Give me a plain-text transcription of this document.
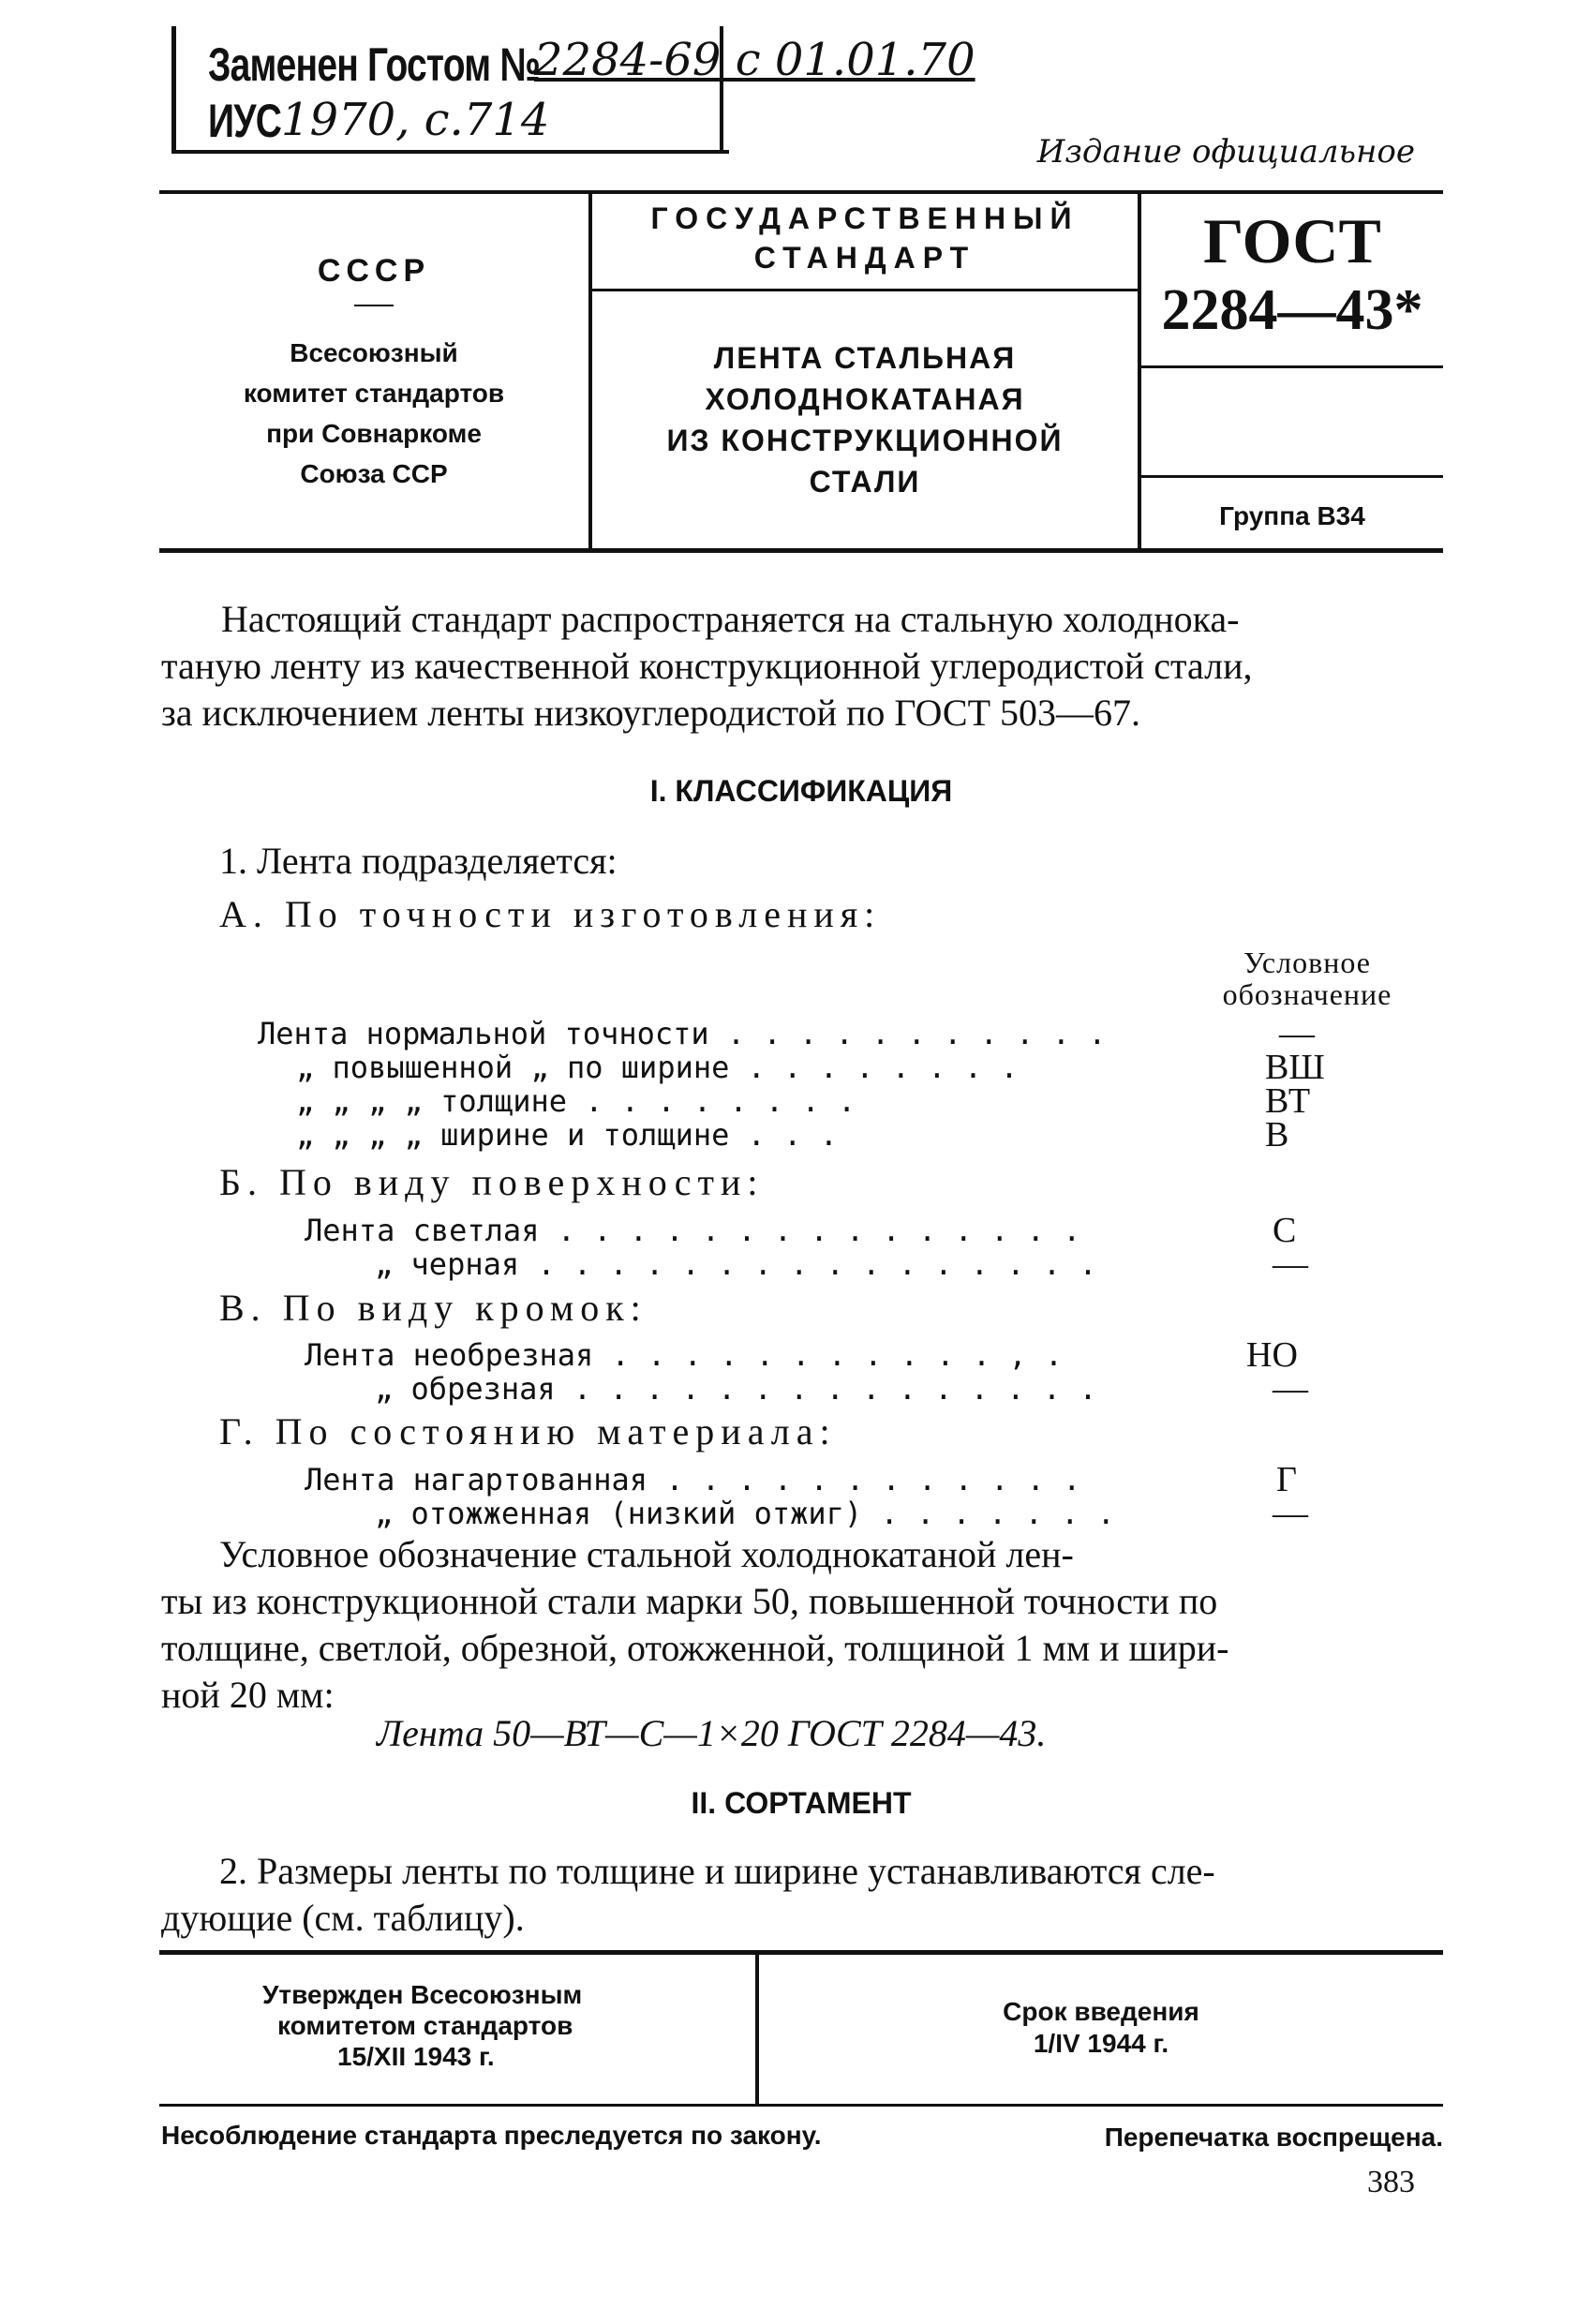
Заменен Гостом №
2284-69 с 01.01.70
ИУС 1970, с.714
Издание официальное
СССР
Всесоюзный
комитет стандартов
при Совнаркоме
Союза ССР
ГОСУДАРСТВЕННЫЙ
СТАНДАРТ
ЛЕНТА СТАЛЬНАЯ
ХОЛОДНОКАТАНАЯ
ИЗ КОНСТРУКЦИОННОЙ
СТАЛИ
ГОСТ
2284—43*
Группа В34
Настоящий стандарт распространяется на стальную холоднока-
таную ленту из качественной конструкционной углеродистой стали,
за исключением ленты низкоуглеродистой по ГОСТ 503—67.
I. КЛАССИФИКАЦИЯ
1. Лента подразделяется:
А. По точности изготовления:
Условное
обозначение
Лента нормальной точности . . . . . . . . . . .	—
„ повышенной „ по ширине . . . . . . . .	ВШ
„ „ „ „ толщине . . . . . . . .	ВТ
„ „ „ „ ширине и толщине . . .	В
Б. По виду поверхности:
Лента светлая . . . . . . . . . . . . . . .	С
„ черная . . . . . . . . . . . . . . . .	—
В. По виду кромок:
Лента необрезная . . . . . . . . . . . , .	НО
„ обрезная . . . . . . . . . . . . . . .	—
Г. По состоянию материала:
Лента нагартованная . . . . . . . . . . . .	Г
„ отожженная (низкий отжиг) . . . . . . .	—
Условное обозначение стальной холоднокатаной лен-
ты из конструкционной стали марки 50, повышенной точности по
толщине, светлой, обрезной, отожженной, толщиной 1 мм и шири-
ной 20 мм:
Лента 50—ВТ—С—1×20 ГОСТ 2284—43.
II. СОРТАМЕНТ
2. Размеры ленты по толщине и ширине устанавливаются сле-
дующие (см. таблицу).
Утвержден Всесоюзным
комитетом стандартов
15/XII 1943 г.
Срок введения
1/IV 1944 г.
Несоблюдение стандарта преследуется по закону.	Перепечатка воспрещена.
383
